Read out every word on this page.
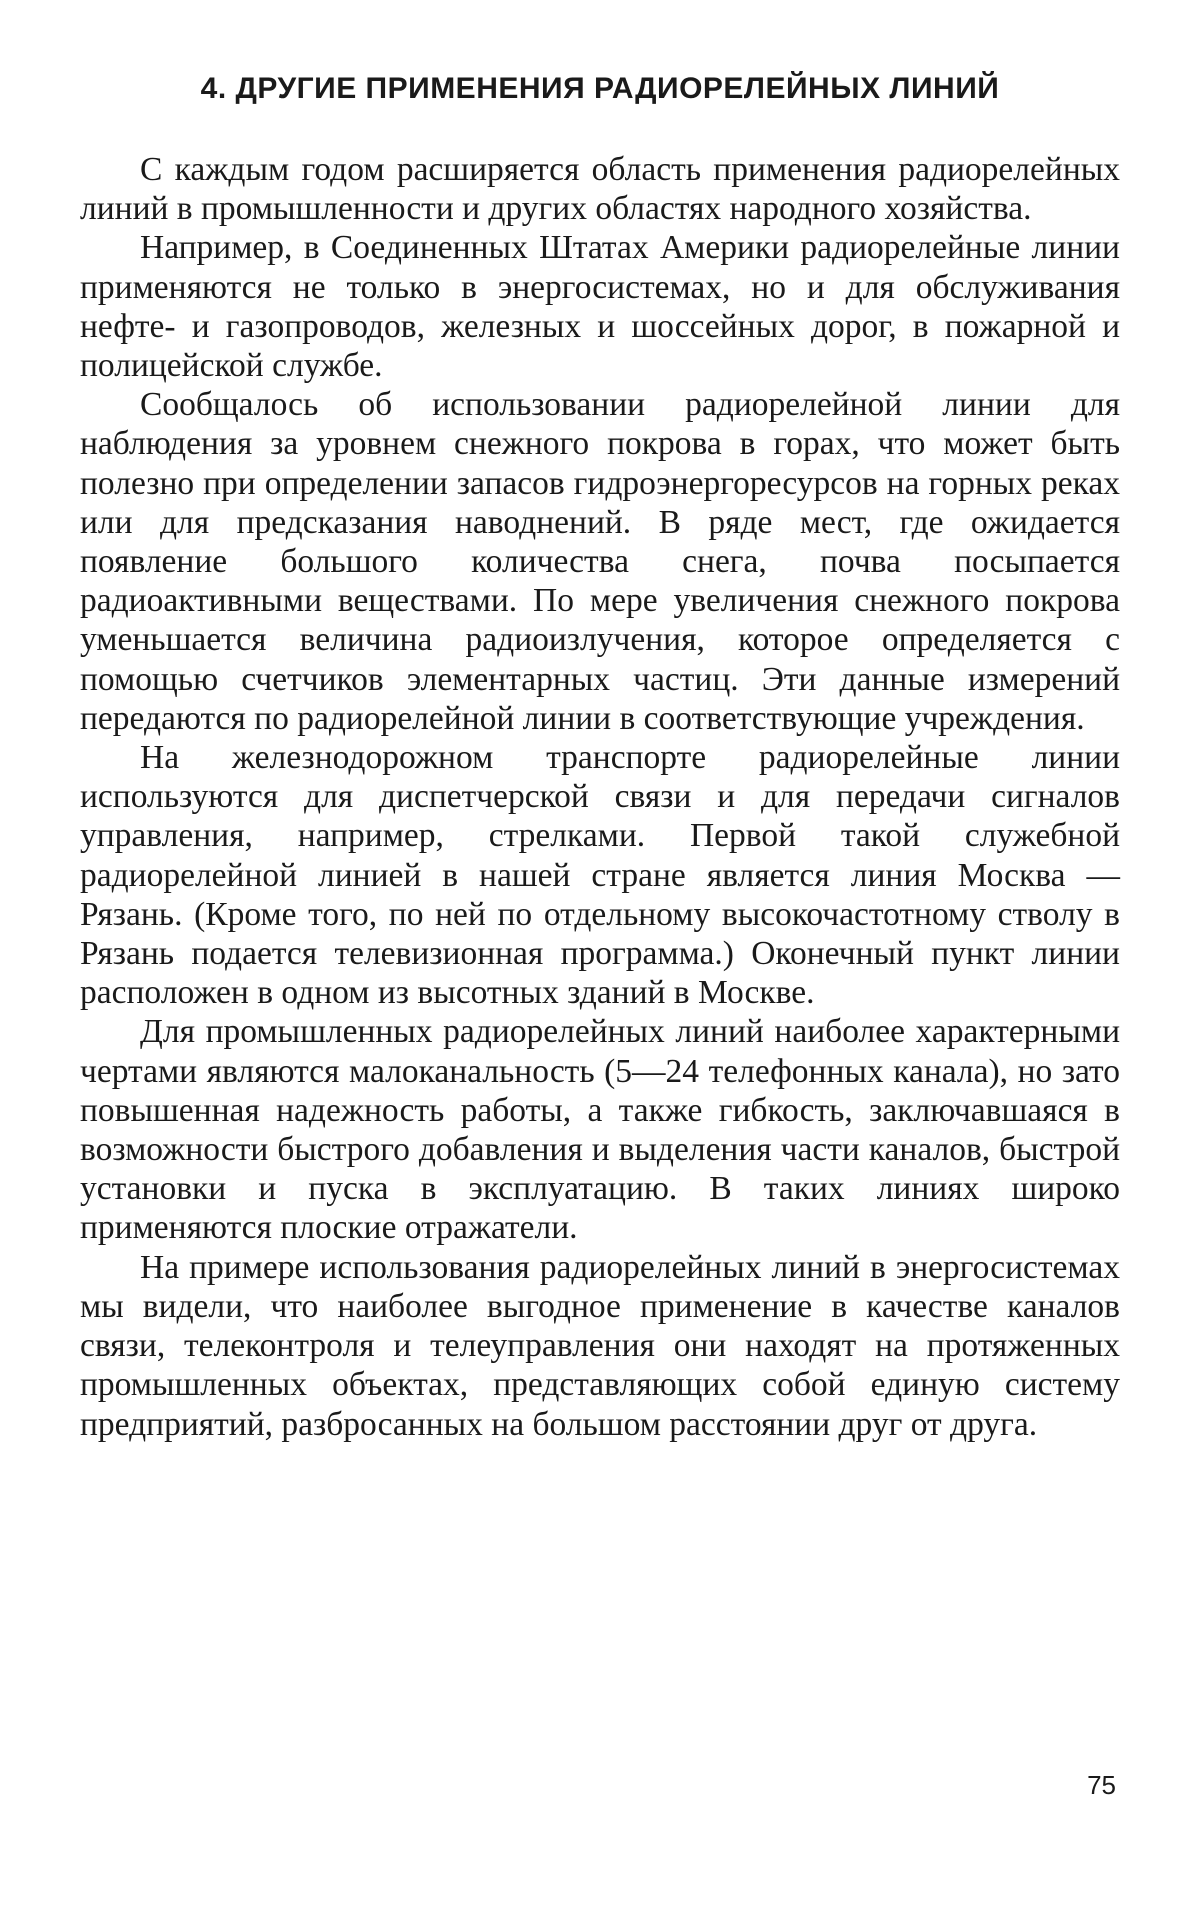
4. ДРУГИЕ ПРИМЕНЕНИЯ РАДИОРЕЛЕЙНЫХ ЛИНИЙ

С каждым годом расширяется область применения радиорелейных линий в промышленности и других областях народного хозяйства.

Например, в Соединенных Штатах Америки радиорелейные линии применяются не только в энергосистемах, но и для обслуживания нефте- и газопроводов, железных и шоссейных дорог, в пожарной и полицейской службе.

Сообщалось об использовании радиорелейной линии для наблюдения за уровнем снежного покрова в горах, что может быть полезно при определении запасов гидроэнергоресурсов на горных реках или для предсказания наводнений. В ряде мест, где ожидается появление большого количества снега, почва посыпается радиоактивными веществами. По мере увеличения снежного покрова уменьшается величина радиоизлучения, которое определяется с помощью счетчиков элементарных частиц. Эти данные измерений передаются по радиорелейной линии в соответствующие учреждения.

На железнодорожном транспорте радиорелейные линии используются для диспетчерской связи и для передачи сигналов управления, например, стрелками. Первой такой служебной радиорелейной линией в нашей стране является линия Москва — Рязань. (Кроме того, по ней по отдельному высокочастотному стволу в Рязань подается телевизионная программа.) Оконечный пункт линии расположен в одном из высотных зданий в Москве.

Для промышленных радиорелейных линий наиболее характерными чертами являются малоканальность (5—24 телефонных канала), но зато повышенная надежность работы, а также гибкость, заключавшаяся в возможности быстрого добавления и выделения части каналов, быстрой установки и пуска в эксплуатацию. В таких линиях широко применяются плоские отражатели.

На примере использования радиорелейных линий в энергосистемах мы видели, что наиболее выгодное применение в качестве каналов связи, телеконтроля и телеуправления они находят на протяженных промышленных объектах, представляющих собой единую систему предприятий, разбросанных на большом расстоянии друг от друга.

75
